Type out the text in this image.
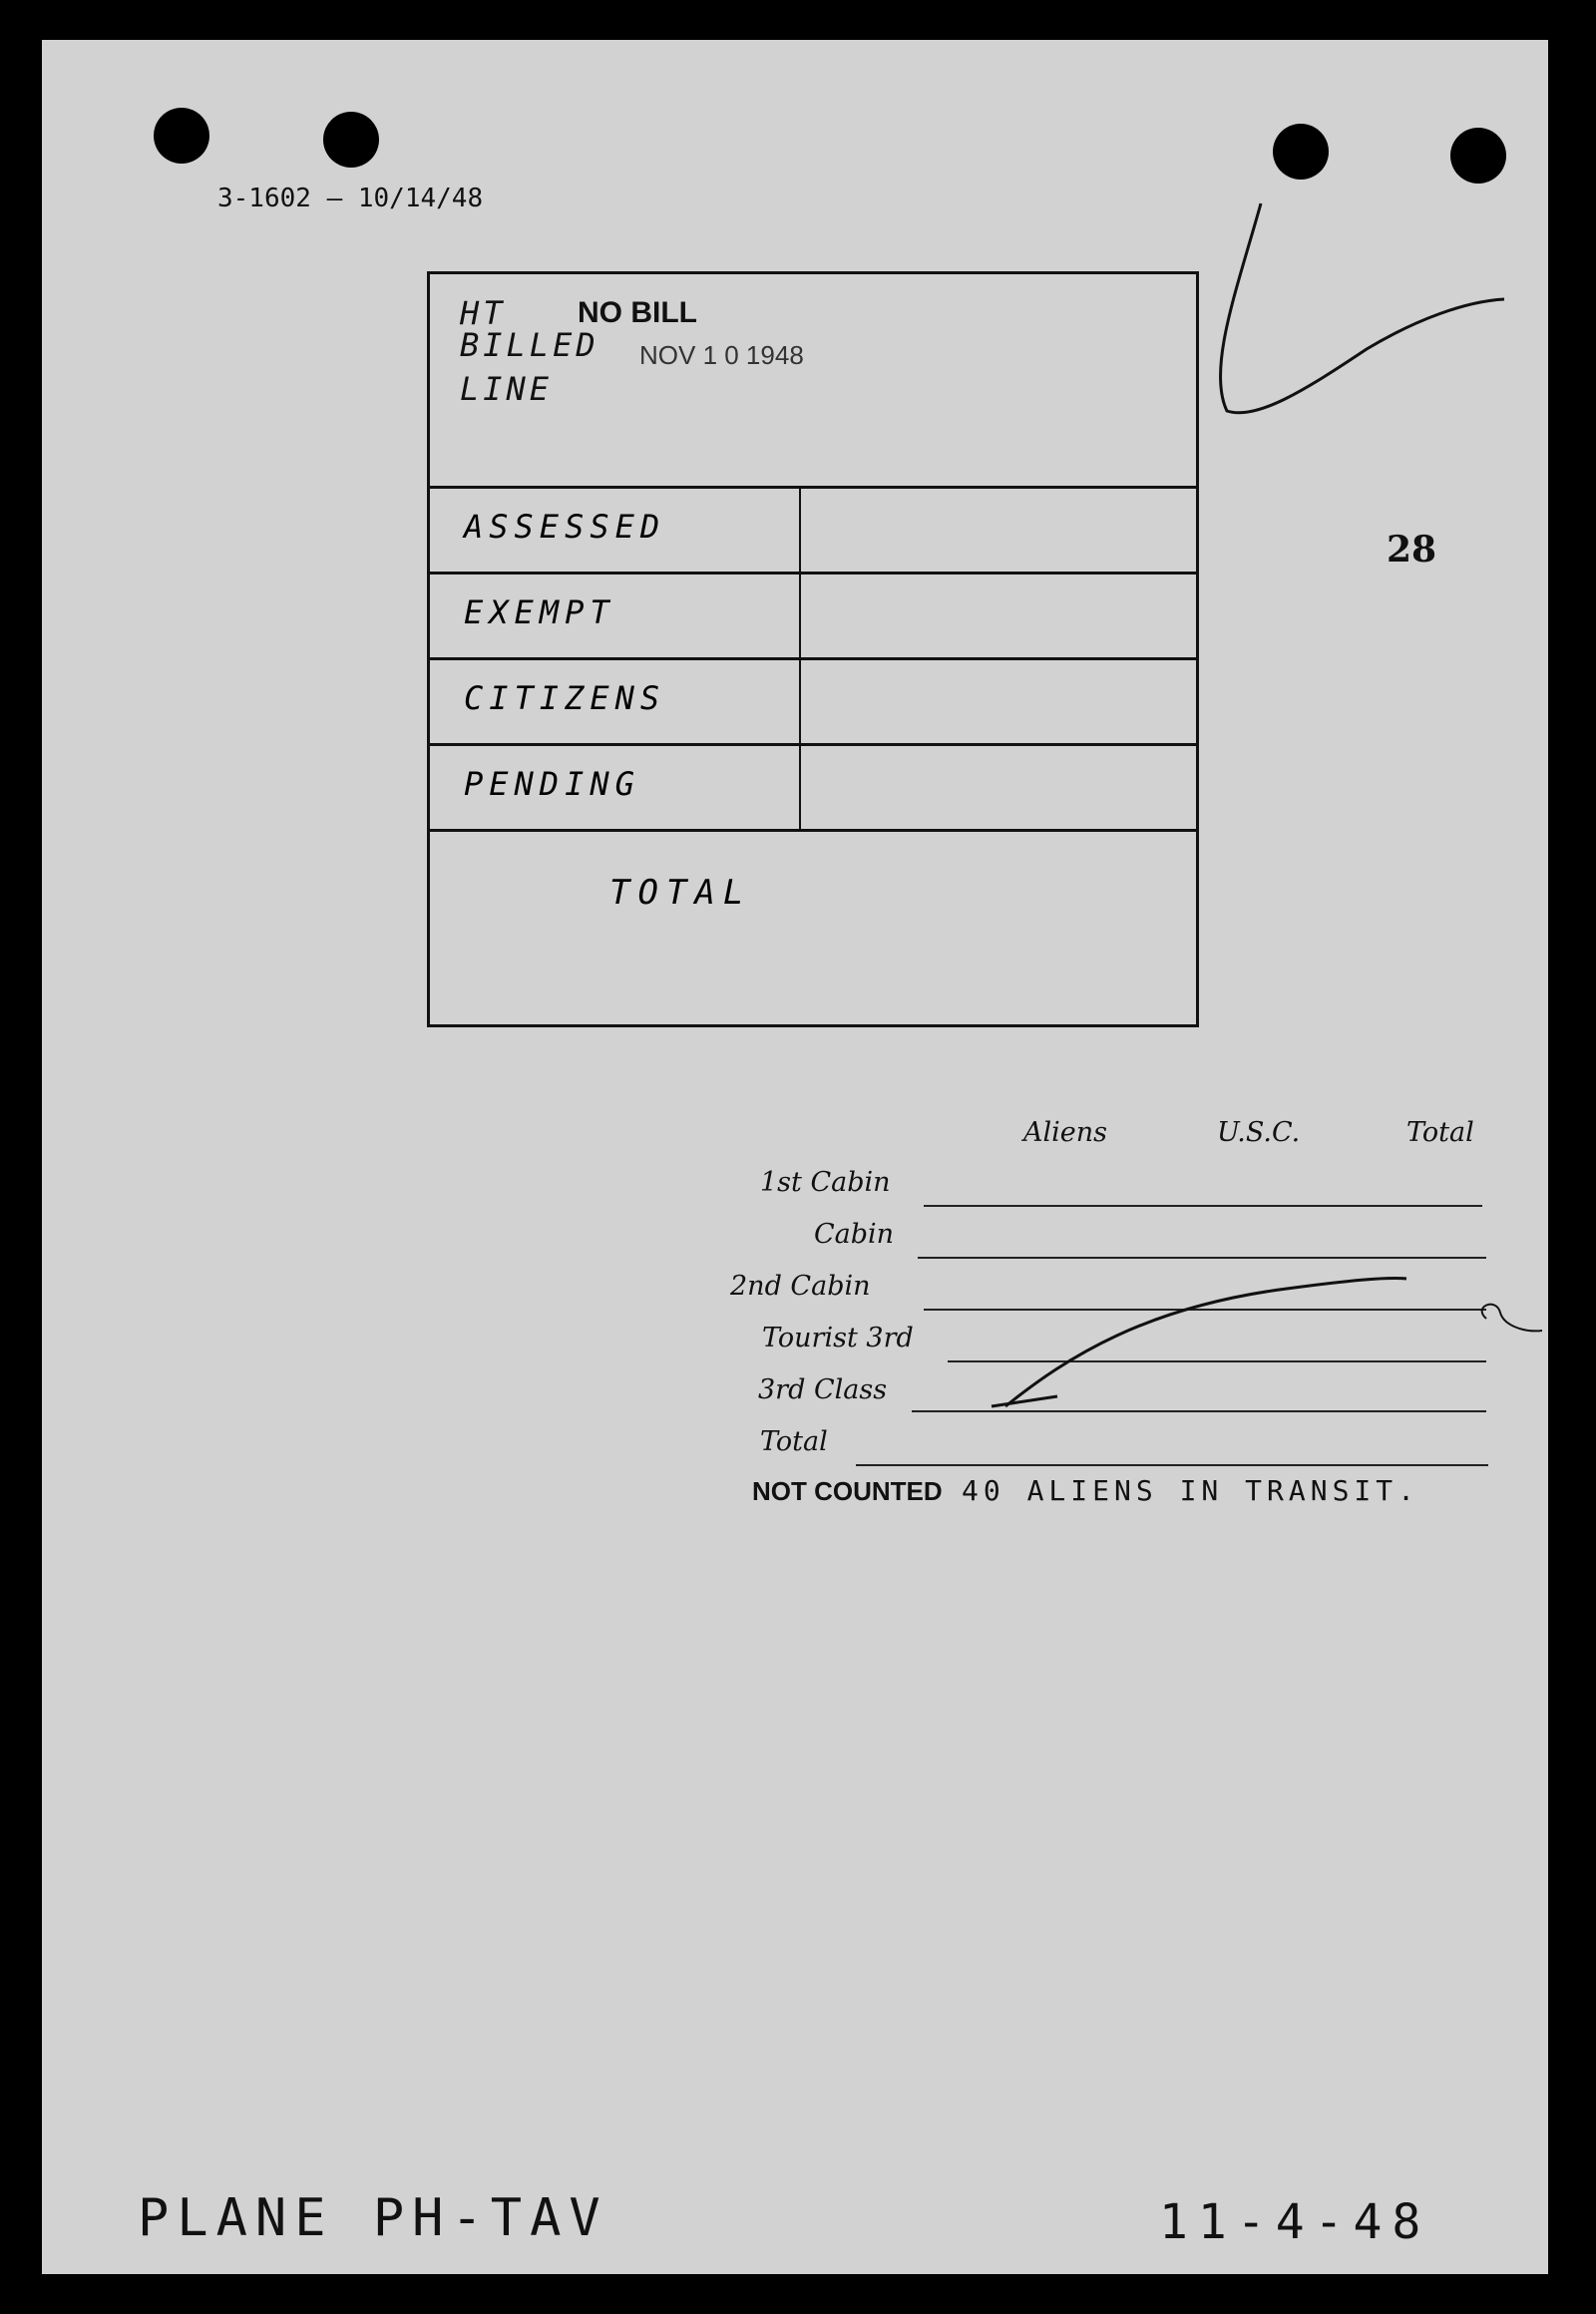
3-1602 — 10/14/48
28
HT
BILLED
LINE
NO BILL
NOV 1 0 1948
ASSESSED
EXEMPT
CITIZENS
PENDING
TOTAL
Aliens	U.S.C.	Total
1st Cabin
Cabin
2nd Cabin
Tourist 3rd
3rd Class
Total
NOT COUNTED 40 ALIENS IN TRANSIT.
PLANE PH-TAV	11-4-48
